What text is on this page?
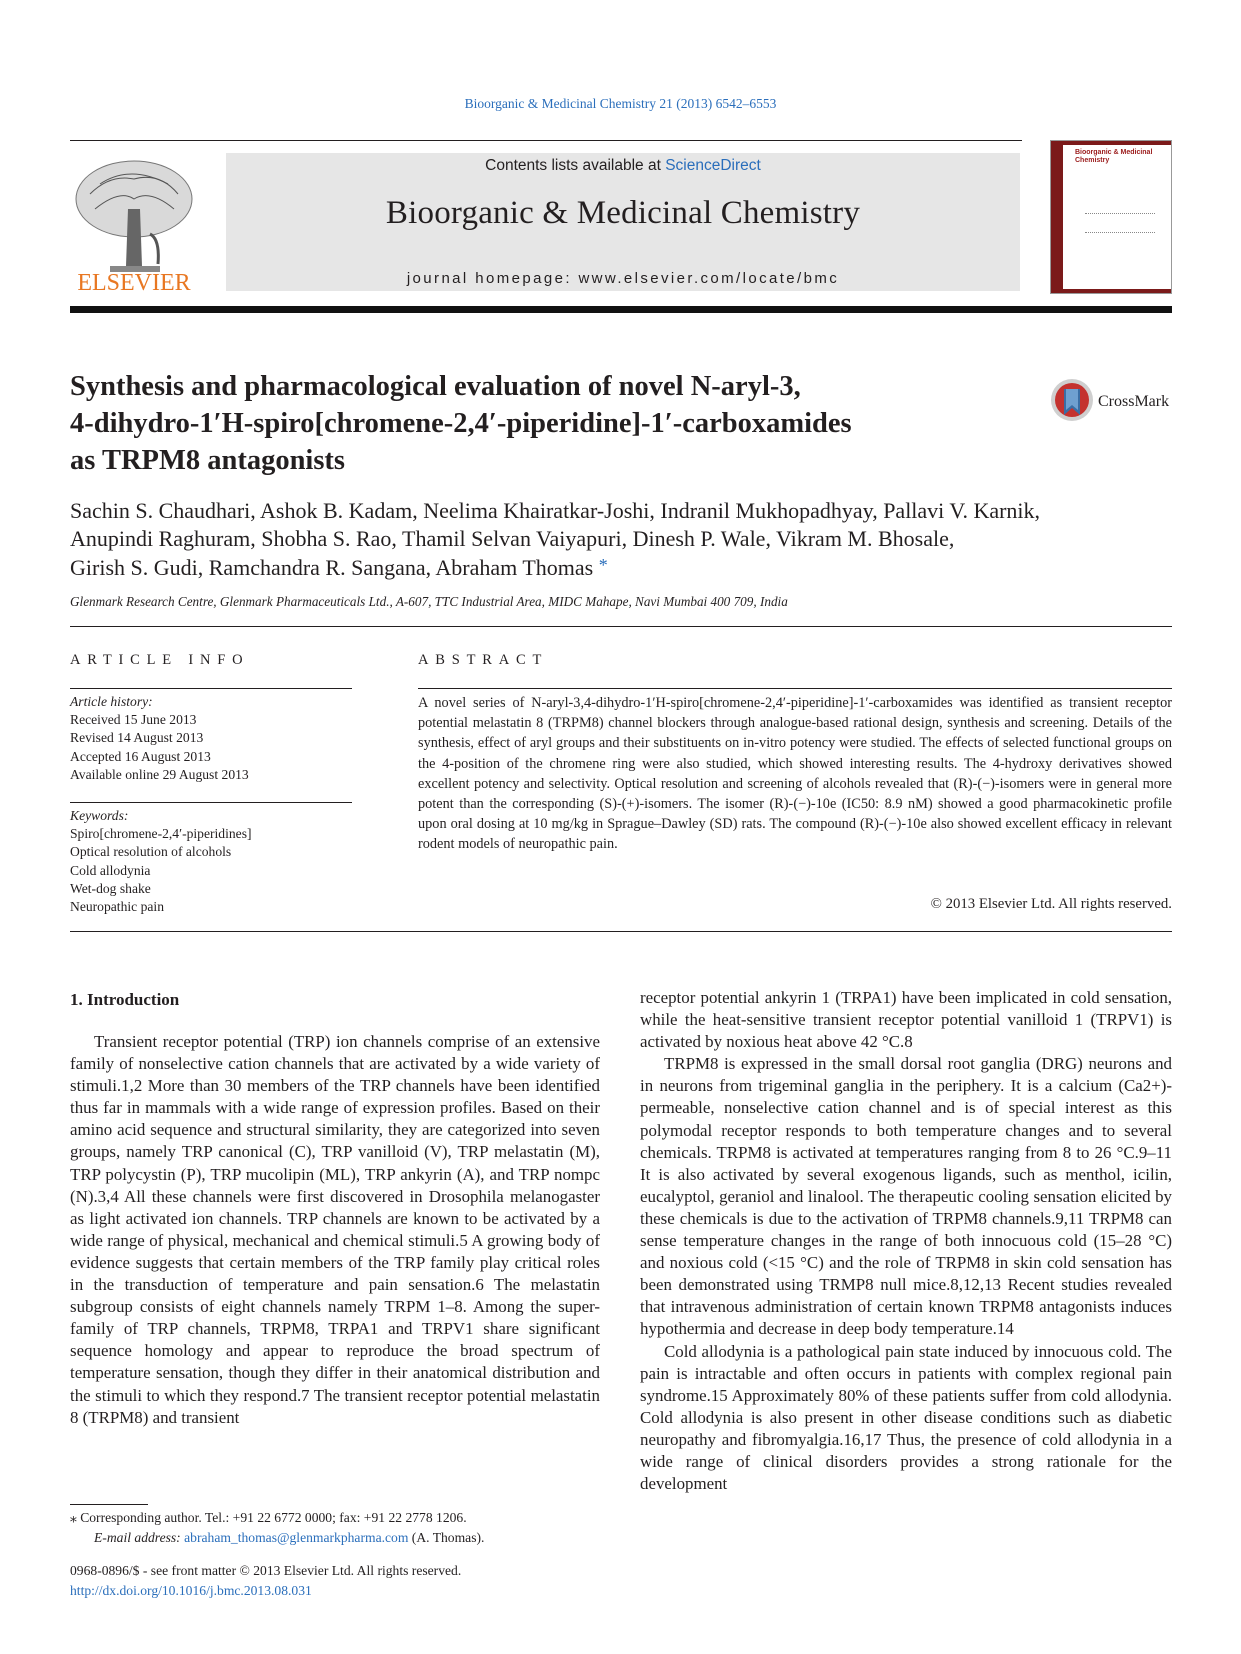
Bioorganic & Medicinal Chemistry 21 (2013) 6542–6553
ELSEVIER
Contents lists available at ScienceDirect
Bioorganic & Medicinal Chemistry
journal homepage: www.elsevier.com/locate/bmc
Bioorganic & Medicinal Chemistry
Synthesis and pharmacological evaluation of novel N-aryl-3,
4-dihydro-1′H-spiro[chromene-2,4′-piperidine]-1′-carboxamides
as TRPM8 antagonists
CrossMark
Sachin S. Chaudhari, Ashok B. Kadam, Neelima Khairatkar-Joshi, Indranil Mukhopadhyay, Pallavi V. Karnik,
Anupindi Raghuram, Shobha S. Rao, Thamil Selvan Vaiyapuri, Dinesh P. Wale, Vikram M. Bhosale,
Girish S. Gudi, Ramchandra R. Sangana, Abraham Thomas *
Glenmark Research Centre, Glenmark Pharmaceuticals Ltd., A-607, TTC Industrial Area, MIDC Mahape, Navi Mumbai 400 709, India
ARTICLE INFO	ABSTRACT
Article history:
Received 15 June 2013
Revised 14 August 2013
Accepted 16 August 2013
Available online 29 August 2013
Keywords:
Spiro[chromene-2,4′-piperidines]
Optical resolution of alcohols
Cold allodynia
Wet-dog shake
Neuropathic pain
A novel series of N-aryl-3,4-dihydro-1′H-spiro[chromene-2,4′-piperidine]-1′-carboxamides was identified as transient receptor potential melastatin 8 (TRPM8) channel blockers through analogue-based rational design, synthesis and screening. Details of the synthesis, effect of aryl groups and their substituents on in-vitro potency were studied. The effects of selected functional groups on the 4-position of the chromene ring were also studied, which showed interesting results. The 4-hydroxy derivatives showed excellent potency and selectivity. Optical resolution and screening of alcohols revealed that (R)-(−)-isomers were in general more potent than the corresponding (S)-(+)-isomers. The isomer (R)-(−)-10e (IC50: 8.9 nM) showed a good pharmacokinetic profile upon oral dosing at 10 mg/kg in Sprague–Dawley (SD) rats. The compound (R)-(−)-10e also showed excellent efficacy in relevant rodent models of neuropathic pain.
© 2013 Elsevier Ltd. All rights reserved.
1. Introduction

Transient receptor potential (TRP) ion channels comprise of an extensive family of nonselective cation channels that are activated by a wide variety of stimuli.1,2 More than 30 members of the TRP channels have been identified thus far in mammals with a wide range of expression profiles. Based on their amino acid sequence and structural similarity, they are categorized into seven groups, namely TRP canonical (C), TRP vanilloid (V), TRP melastatin (M), TRP polycystin (P), TRP mucolipin (ML), TRP ankyrin (A), and TRP nompc (N).3,4 All these channels were first discovered in Drosophila melanogaster as light activated ion channels. TRP channels are known to be activated by a wide range of physical, mechanical and chemical stimuli.5 A growing body of evidence suggests that certain members of the TRP family play critical roles in the transduction of temperature and pain sensation.6 The melastatin subgroup consists of eight channels namely TRPM 1–8. Among the super-family of TRP channels, TRPM8, TRPA1 and TRPV1 share significant sequence homology and appear to reproduce the broad spectrum of temperature sensation, though they differ in their anatomical distribution and the stimuli to which they respond.7 The transient receptor potential melastatin 8 (TRPM8) and transient

receptor potential ankyrin 1 (TRPA1) have been implicated in cold sensation, while the heat-sensitive transient receptor potential vanilloid 1 (TRPV1) is activated by noxious heat above 42 °C.8

TRPM8 is expressed in the small dorsal root ganglia (DRG) neurons and in neurons from trigeminal ganglia in the periphery. It is a calcium (Ca2+)-permeable, nonselective cation channel and is of special interest as this polymodal receptor responds to both temperature changes and to several chemicals. TRPM8 is activated at temperatures ranging from 8 to 26 °C.9–11 It is also activated by several exogenous ligands, such as menthol, icilin, eucalyptol, geraniol and linalool. The therapeutic cooling sensation elicited by these chemicals is due to the activation of TRPM8 channels.9,11 TRPM8 can sense temperature changes in the range of both innocuous cold (15–28 °C) and noxious cold (<15 °C) and the role of TRPM8 in skin cold sensation has been demonstrated using TRMP8 null mice.8,12,13 Recent studies revealed that intravenous administration of certain known TRPM8 antagonists induces hypothermia and decrease in deep body temperature.14

Cold allodynia is a pathological pain state induced by innocuous cold. The pain is intractable and often occurs in patients with complex regional pain syndrome.15 Approximately 80% of these patients suffer from cold allodynia. Cold allodynia is also present in other disease conditions such as diabetic neuropathy and fibromyalgia.16,17 Thus, the presence of cold allodynia in a wide range of clinical disorders provides a strong rationale for the development

⁎ Corresponding author. Tel.: +91 22 6772 0000; fax: +91 22 2778 1206.
E-mail address: abraham_thomas@glenmarkpharma.com (A. Thomas).
0968-0896/$ - see front matter © 2013 Elsevier Ltd. All rights reserved.
http://dx.doi.org/10.1016/j.bmc.2013.08.031
